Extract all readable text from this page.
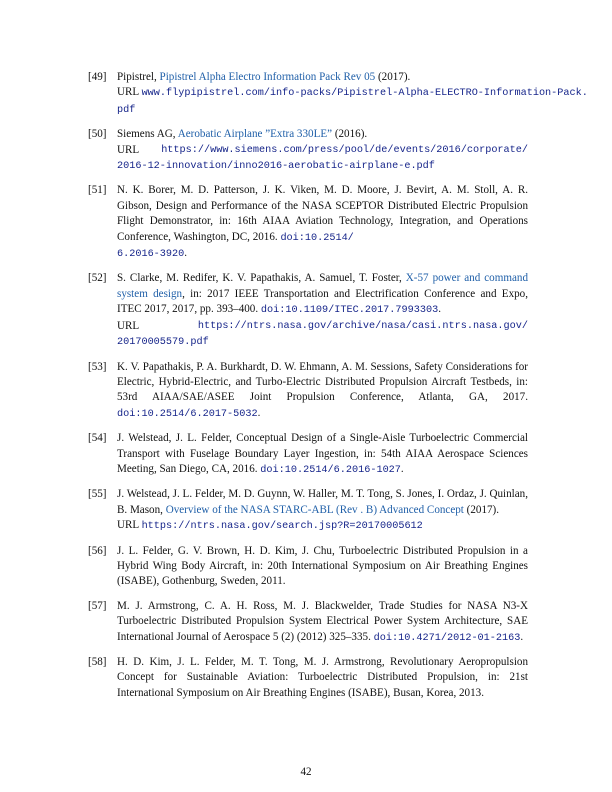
[49] Pipistrel, Pipistrel Alpha Electro Information Pack Rev 05 (2017).
URL www.flypipistrel.com/info-packs/Pipistrel-Alpha-ELECTRO-Information-Pack.
pdf
[50] Siemens AG, Aerobatic Airplane ”Extra 330LE” (2016).
URL https://www.siemens.com/press/pool/de/events/2016/corporate/
2016-12-innovation/inno2016-aerobatic-airplane-e.pdf
[51] N. K. Borer, M. D. Patterson, J. K. Viken, M. D. Moore, J. Bevirt, A. M. Stoll, A. R. Gibson, Design and Performance of the NASA SCEPTOR Distributed Electric Propulsion Flight Demonstrator, in: 16th AIAA Aviation Technology, Integration, and Operations Conference, Washington, DC, 2016. doi:10.2514/
6.2016-3920.
[52] S. Clarke, M. Redifer, K. V. Papathakis, A. Samuel, T. Foster, X-57 power and command system design, in: 2017 IEEE Transportation and Electrification Conference and Expo, ITEC 2017, 2017, pp. 393–400. doi:10.1109/ITEC.2017.7993303.
URL	https://ntrs.nasa.gov/archive/nasa/casi.ntrs.nasa.gov/
20170005579.pdf
[53] K. V. Papathakis, P. A. Burkhardt, D. W. Ehmann, A. M. Sessions, Safety Considerations for Electric, Hybrid-Electric, and Turbo-Electric Distributed Propulsion Aircraft Testbeds, in: 53rd AIAA/SAE/ASEE Joint Propulsion Conference, Atlanta, GA, 2017. doi:10.2514/6.2017-5032.
[54] J. Welstead, J. L. Felder, Conceptual Design of a Single-Aisle Turboelectric Commercial Transport with Fuselage Boundary Layer Ingestion, in: 54th AIAA Aerospace Sciences Meeting, San Diego, CA, 2016. doi:10.2514/6.2016-1027.
[55] J. Welstead, J. L. Felder, M. D. Guynn, W. Haller, M. T. Tong, S. Jones, I. Ordaz, J. Quinlan, B. Mason, Overview of the NASA STARC-ABL (Rev . B) Advanced Concept (2017).
URL https://ntrs.nasa.gov/search.jsp?R=20170005612
[56] J. L. Felder, G. V. Brown, H. D. Kim, J. Chu, Turboelectric Distributed Propulsion in a Hybrid Wing Body Aircraft, in: 20th International Symposium on Air Breathing Engines (ISABE), Gothenburg, Sweden, 2011.
[57] M. J. Armstrong, C. A. H. Ross, M. J. Blackwelder, Trade Studies for NASA N3-X Turboelectric Distributed Propulsion System Electrical Power System Architecture, SAE International Journal of Aerospace 5 (2) (2012) 325–335. doi:10.4271/2012-01-2163.
[58] H. D. Kim, J. L. Felder, M. T. Tong, M. J. Armstrong, Revolutionary Aeropropulsion Concept for Sustainable Aviation: Turboelectric Distributed Propulsion, in: 21st International Symposium on Air Breathing Engines (ISABE), Busan, Korea, 2013.
42
